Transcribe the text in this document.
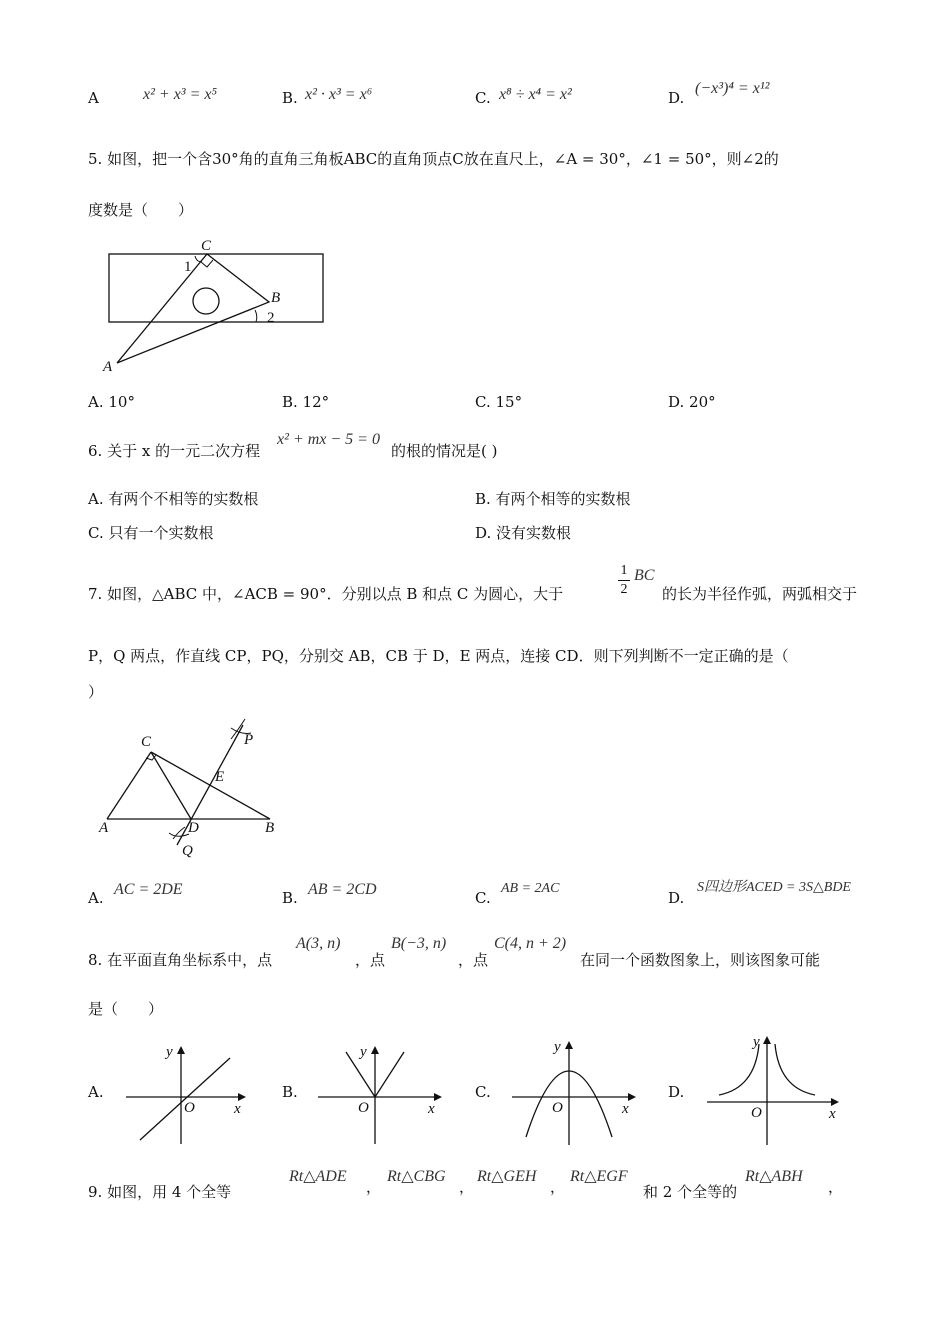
A	x² + x³ = x⁵	B. x² · x³ = x⁶	C. x⁸ ÷ x⁴ = x²	D.
(−x³)⁴ = x¹²
5. 如图，把一个含30°角的直角三角板ABC的直角顶点C放在直尺上，∠A = 30°，∠1 = 50°，则∠2的
度数是（　　）
C
1
B
2
A
A. 10°	B. 12°	C. 15°	D. 20°
6. 关于 x 的一元二次方程
x² + mx − 5 = 0
的根的情况是( )
A. 有两个不相等的实数根	B. 有两个相等的实数根
C. 只有一个实数根	D. 没有实数根
7. 如图，△ABC 中，∠ACB = 90°．分别以点 B 和点 C 为圆心，大于
1
2
BC
的长为半径作弧，两弧相交于
P，Q 两点，作直线 CP，PQ，分别交 AB，CB 于 D，E 两点，连接 CD．则下列判断不一定正确的是（
）
C	P
E
A	D	B
Q
A. AC = 2DE	B. AB = 2CD	C.
AB = 2AC
D.
S四边形ACED = 3S△BDE
8. 在平面直角坐标系中，点
A(3, n)
，点
B(−3, n)
，点
C(4, n + 2)
在同一个函数图象上，则该图象可能
是（　　）
A.
y
x
O
B.
y
x
O
C.
y
x
O
D.
y
x
O
9. 如图，用 4 个全等
Rt△ADE
，
Rt△CBG
，
Rt△GEH
，
Rt△EGF
和 2 个全等的
Rt△ABH
，
